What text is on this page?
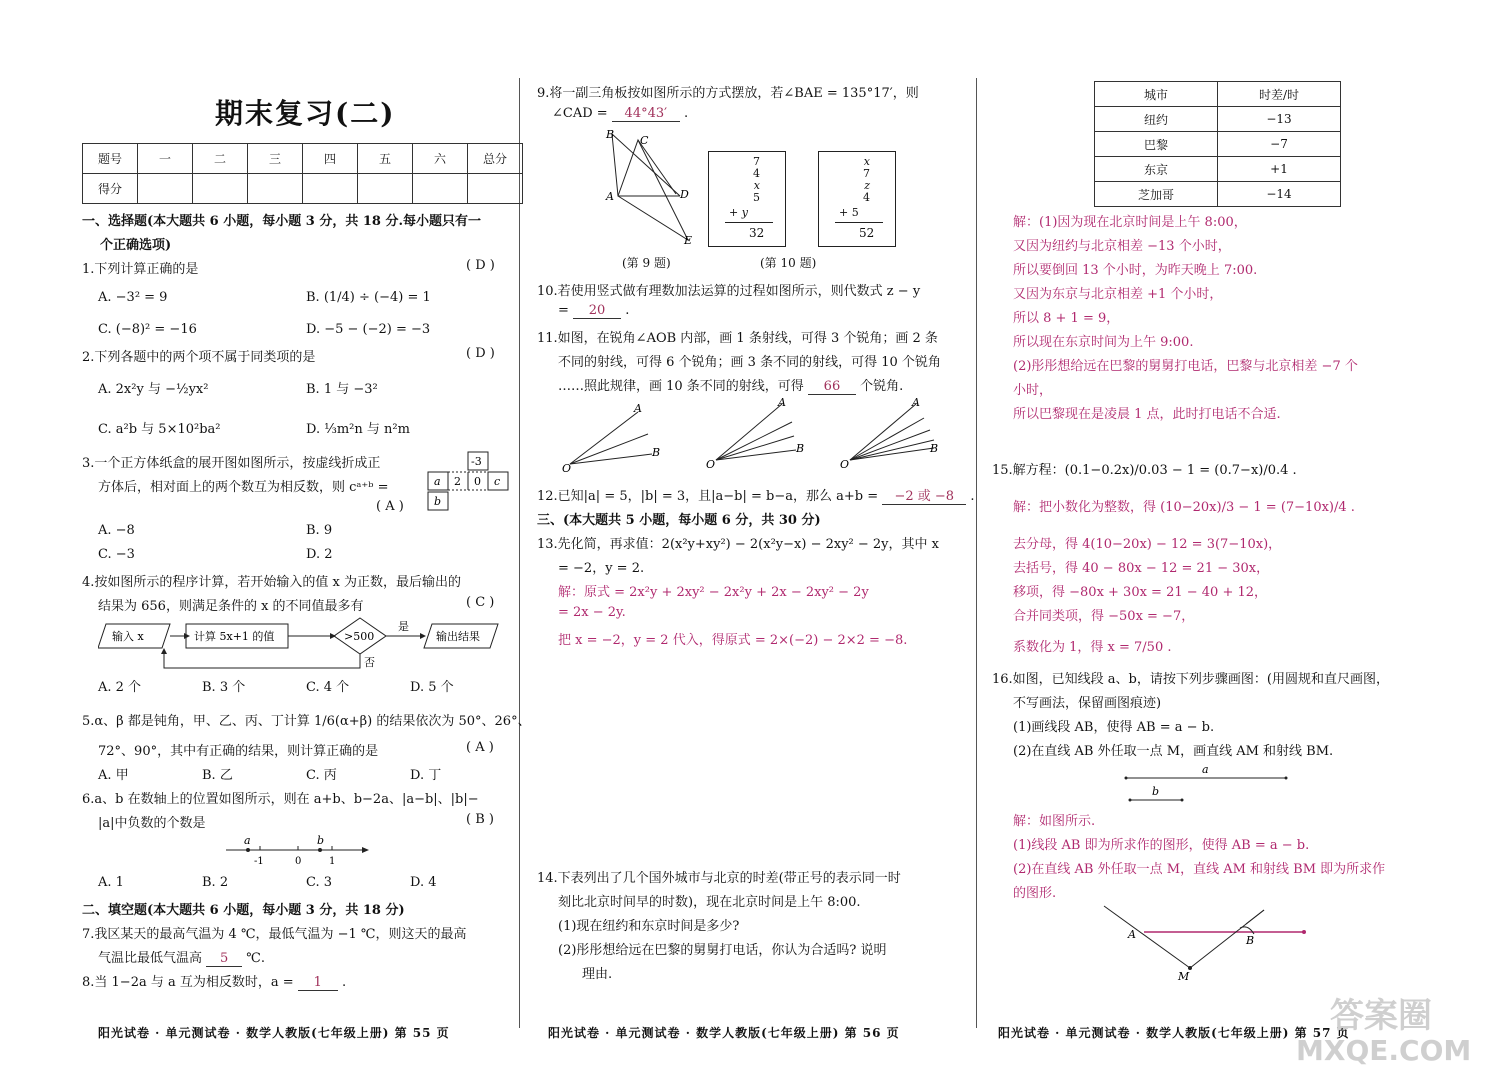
期末复习(二)
题号	一	二	三	四	五	六	总分
得分							
一、选择题(本大题共 6 小题，每小题 3 分，共 18 分.每小题只有一
个正确选项)
1.下列计算正确的是	( D )
A. −3² = 9	B. (1/4) ÷ (−4) = 1
C. (−8)² = −16	D. −5 − (−2) = −3
2.下列各题中的两个项不属于同类项的是	( D )
A. 2x²y 与 −½yx²	B. 1 与 −3²
C. a²b 与 5×10²ba²	D. ⅓m²n 与 n²m
3.一个正方体纸盒的展开图如图所示，按虚线折成正
方体后，相对面上的两个数互为相反数，则 cᵃ⁺ᵇ =
( A )
-3
a 2 0 c
b
A. −8	B. 9
C. −3	D. 2
4.按如图所示的程序计算，若开始输入的值 x 为正数，最后输出的
结果为 656，则满足条件的 x 的不同值最多有	( C )
输入 x	计算 5x+1 的值	>500
是
输出结果
否
A. 2 个	B. 3 个	C. 4 个	D. 5 个
5.α、β 都是钝角，甲、乙、丙、丁计算 1/6(α+β) 的结果依次为 50°、26°、
72°、90°，其中有正确的结果，则计算正确的是	( A )
A. 甲	B. 乙	C. 丙	D. 丁
6.a、b 在数轴上的位置如图所示，则在 a+b、b−2a、|a−b|、|b|−
|a|中负数的个数是	( B )
a	b
-1	0	1
A. 1	B. 2	C. 3	D. 4
二、填空题(本大题共 6 小题，每小题 3 分，共 18 分)
7.我区某天的最高气温为 4 ℃，最低气温为 −1 ℃，则这天的最高
气温比最低气温高 5 ℃.
8.当 1−2a 与 a 互为相反数时，a = 1 .
阳光试卷 · 单元测试卷 · 数学人教版(七年级上册) 第 55 页
9.将一副三角板按如图所示的方式摆放，若∠BAE = 135°17′，则
∠CAD = 44°43′ .
B C
A	D
E
(第 9 题)
7
4
x
5
+ y
32
x
7
z
4
+ 5
52
(第 10 题)
10.若使用竖式做有理数加法运算的过程如图所示，则代数式 z − y
= 20 .
11.如图，在锐角∠AOB 内部，画 1 条射线，可得 3 个锐角；画 2 条
不同的射线，可得 6 个锐角；画 3 条不同的射线，可得 10 个锐角
……照此规律，画 10 条不同的射线，可得 66 个锐角.
A
B
O
A
B
O
A
B
O
12.已知|a| = 5，|b| = 3，且|a−b| = b−a，那么 a+b = −2 或 −8 .
三、(本大题共 5 小题，每小题 6 分，共 30 分)
13.先化简，再求值：2(x²y+xy²) − 2(x²y−x) − 2xy² − 2y，其中 x
= −2，y = 2.
解：原式 = 2x²y + 2xy² − 2x²y + 2x − 2xy² − 2y
= 2x − 2y.
把 x = −2，y = 2 代入，得原式 = 2×(−2) − 2×2 = −8.
14.下表列出了几个国外城市与北京的时差(带正号的表示同一时
刻比北京时间早的时数)，现在北京时间是上午 8:00.
(1)现在纽约和东京时间是多少?
(2)彤彤想给远在巴黎的舅舅打电话，你认为合适吗? 说明
理由.
阳光试卷 · 单元测试卷 · 数学人教版(七年级上册) 第 56 页
城市	时差/时
纽约	−13
巴黎	−7
东京	+1
芝加哥	−14
解：(1)因为现在北京时间是上午 8:00，
又因为纽约与北京相差 −13 个小时，
所以要倒回 13 个小时，为昨天晚上 7:00.
又因为东京与北京相差 +1 个小时，
所以 8 + 1 = 9，
所以现在东京时间为上午 9:00.
(2)彤彤想给远在巴黎的舅舅打电话，巴黎与北京相差 −7 个
小时，
所以巴黎现在是凌晨 1 点，此时打电话不合适.
15.解方程：(0.1−0.2x)/0.03 − 1 = (0.7−x)/0.4 .
解：把小数化为整数，得 (10−20x)/3 − 1 = (7−10x)/4 .
去分母，得 4(10−20x) − 12 = 3(7−10x)，
去括号，得 40 − 80x − 12 = 21 − 30x，
移项，得 −80x + 30x = 21 − 40 + 12，
合并同类项，得 −50x = −7，
系数化为 1，得 x = 7/50 .
16.如图，已知线段 a、b，请按下列步骤画图：(用圆规和直尺画图，
不写画法，保留画图痕迹)
(1)画线段 AB，使得 AB = a − b.
(2)在直线 AB 外任取一点 M，画直线 AM 和射线 BM.
a
b
解：如图所示.
(1)线段 AB 即为所求作的图形，使得 AB = a − b.
(2)在直线 AB 外任取一点 M，直线 AM 和射线 BM 即为所求作
的图形.
A	B
M
阳光试卷 · 单元测试卷 · 数学人教版(七年级上册) 第 57 页
答案圈
MXQE.COM
